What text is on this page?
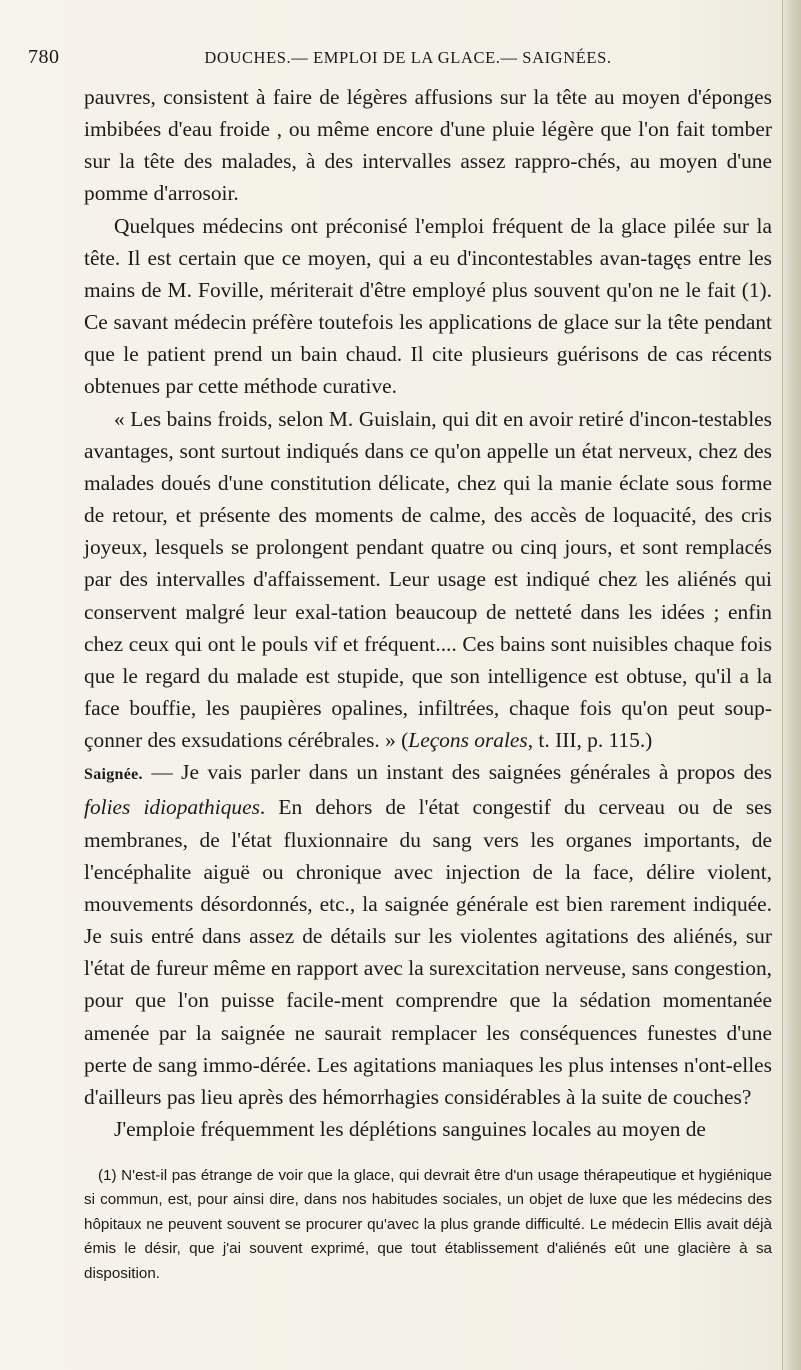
780	DOUCHES.— EMPLOI DE LA GLACE.— SAIGNÉES.

pauvres, consistent à faire de légères affusions sur la tête au moyen d'éponges imbibées d'eau froide , ou même encore d'une pluie légère que l'on fait tomber sur la tête des malades, à des intervalles assez rappro-chés, au moyen d'une pomme d'arrosoir.

Quelques médecins ont préconisé l'emploi fréquent de la glace pilée sur la tête. Il est certain que ce moyen, qui a eu d'incontestables avan-tagęs entre les mains de M. Foville, mériterait d'être employé plus souvent qu'on ne le fait (1). Ce savant médecin préfère toutefois les applications de glace sur la tête pendant que le patient prend un bain chaud. Il cite plusieurs guérisons de cas récents obtenues par cette méthode curative.

« Les bains froids, selon M. Guislain, qui dit en avoir retiré d'incon-testables avantages, sont surtout indiqués dans ce qu'on appelle un état nerveux, chez des malades doués d'une constitution délicate, chez qui la manie éclate sous forme de retour, et présente des moments de calme, des accès de loquacité, des cris joyeux, lesquels se prolongent pendant quatre ou cinq jours, et sont remplacés par des intervalles d'affaissement. Leur usage est indiqué chez les aliénés qui conservent malgré leur exal-tation beaucoup de netteté dans les idées ; enfin chez ceux qui ont le pouls vif et fréquent.... Ces bains sont nuisibles chaque fois que le regard du malade est stupide, que son intelligence est obtuse, qu'il a la face bouffie, les paupières opalines, infiltrées, chaque fois qu'on peut soup-çonner des exsudations cérébrales. » (Leçons orales, t. III, p. 115.)

Saignée. — Je vais parler dans un instant des saignées générales à propos des folies idiopathiques. En dehors de l'état congestif du cerveau ou de ses membranes, de l'état fluxionnaire du sang vers les organes importants, de l'encéphalite aiguë ou chronique avec injection de la face, délire violent, mouvements désordonnés, etc., la saignée générale est bien rarement indiquée. Je suis entré dans assez de détails sur les violentes agitations des aliénés, sur l'état de fureur même en rapport avec la surexcitation nerveuse, sans congestion, pour que l'on puisse facile-ment comprendre que la sédation momentanée amenée par la saignée ne saurait remplacer les conséquences funestes d'une perte de sang immo-dérée. Les agitations maniaques les plus intenses n'ont-elles d'ailleurs pas lieu après des hémorrhagies considérables à la suite de couches?

J'emploie fréquemment les déplétions sanguines locales au moyen de

(1) N'est-il pas étrange de voir que la glace, qui devrait être d'un usage thérapeutique et hygiénique si commun, est, pour ainsi dire, dans nos habitudes sociales, un objet de luxe que les médecins des hôpitaux ne peuvent souvent se procurer qu'avec la plus grande difficulté. Le médecin Ellis avait déjà émis le désir, que j'ai souvent exprimé, que tout établissement d'aliénés eût une glacière à sa disposition.
